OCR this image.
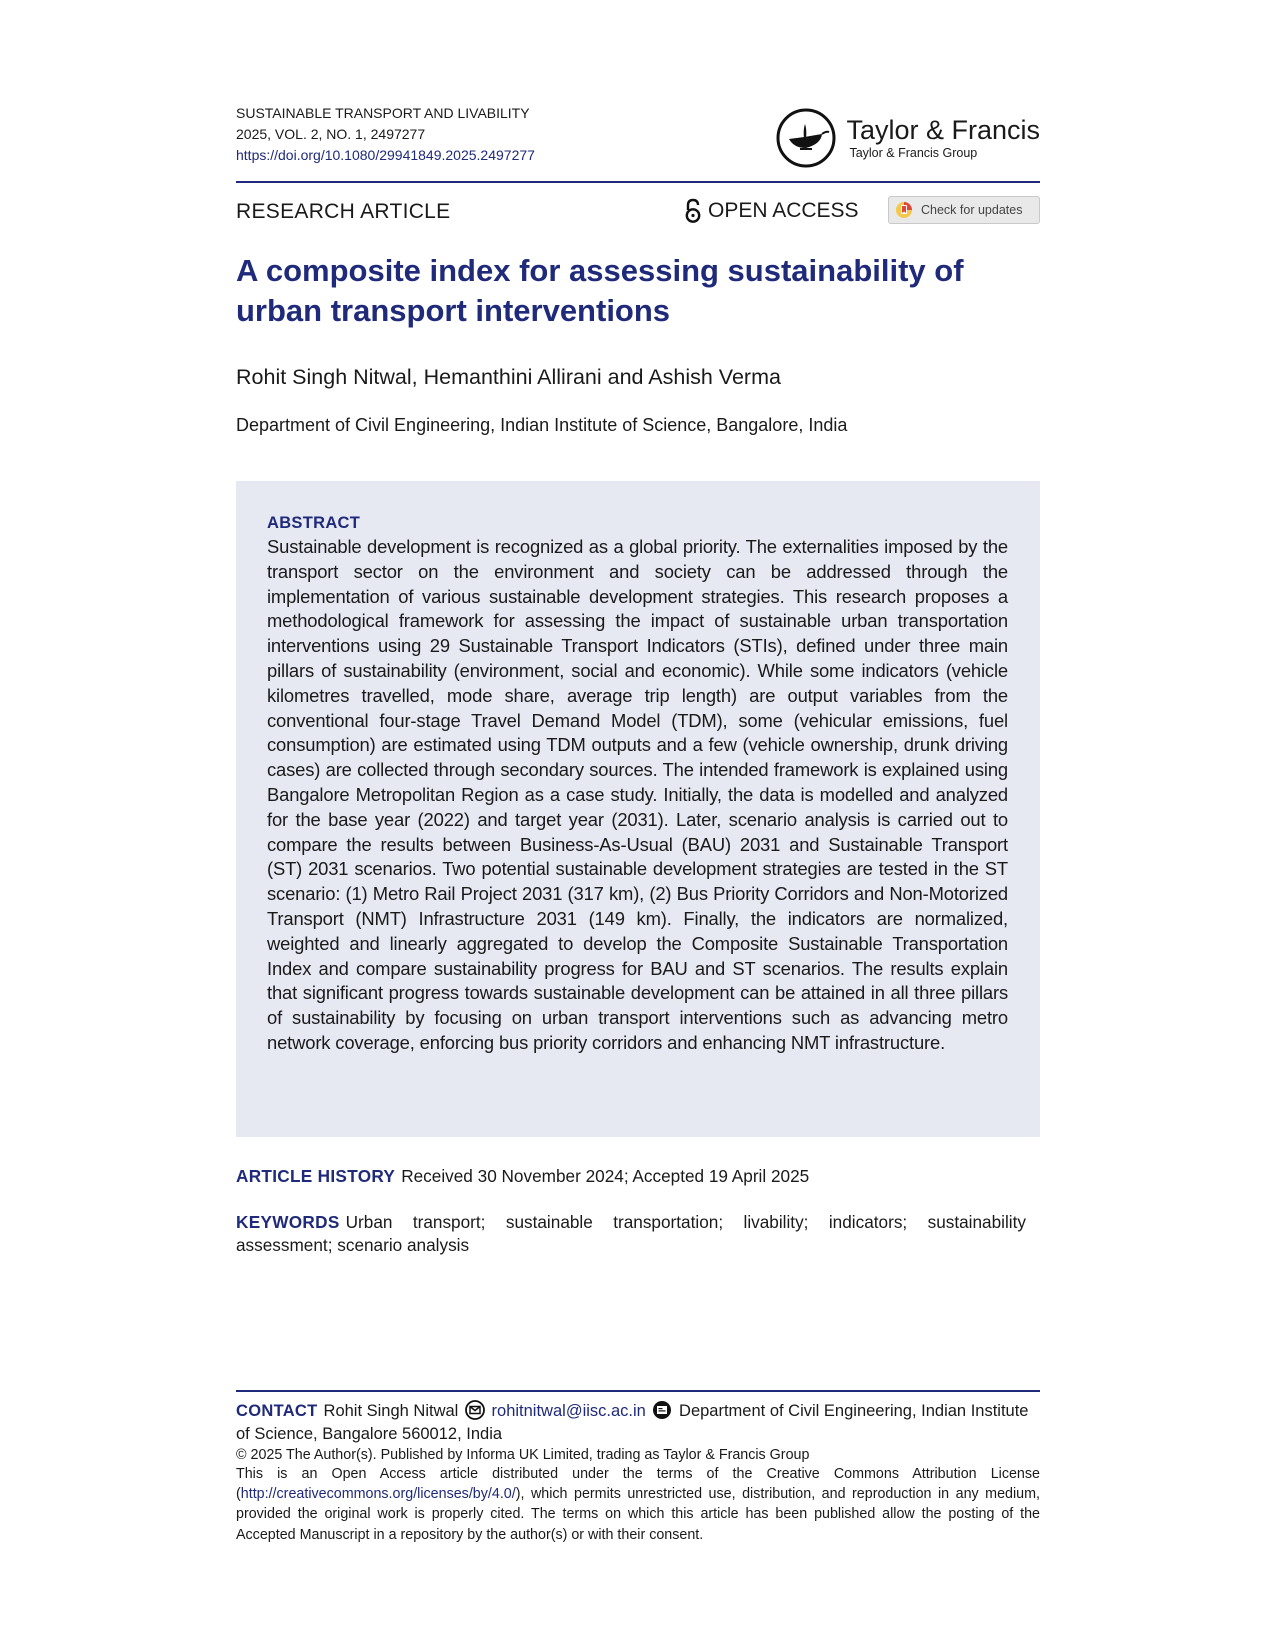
SUSTAINABLE TRANSPORT AND LIVABILITY
2025, VOL. 2, NO. 1, 2497277
https://doi.org/10.1080/29941849.2025.2497277
Taylor & Francis
Taylor & Francis Group
RESEARCH ARTICLE	OPEN ACCESS	Check for updates
A composite index for assessing sustainability of urban transport interventions
Rohit Singh Nitwal, Hemanthini Allirani and Ashish Verma
Department of Civil Engineering, Indian Institute of Science, Bangalore, India
ABSTRACT
Sustainable development is recognized as a global priority. The externalities imposed by the transport sector on the environment and society can be addressed through the implementation of various sustainable development strategies. This research proposes a methodological framework for assessing the impact of sustainable urban transportation interventions using 29 Sustainable Transport Indicators (STIs), defined under three main pillars of sustainability (environment, social and economic). While some indicators (vehicle kilometres travelled, mode share, average trip length) are output variables from the conventional four-stage Travel Demand Model (TDM), some (vehicular emissions, fuel consumption) are estimated using TDM outputs and a few (vehicle ownership, drunk driving cases) are collected through secondary sources. The intended framework is explained using Bangalore Metropolitan Region as a case study. Initially, the data is modelled and analyzed for the base year (2022) and target year (2031). Later, scenario analysis is carried out to compare the results between Business-As-Usual (BAU) 2031 and Sustainable Transport (ST) 2031 scenarios. Two potential sustainable development strategies are tested in the ST scenario: (1) Metro Rail Project 2031 (317 km), (2) Bus Priority Corridors and Non-Motorized Transport (NMT) Infrastructure 2031 (149 km). Finally, the indicators are normalized, weighted and linearly aggregated to develop the Composite Sustainable Transportation Index and compare sustainability progress for BAU and ST scenarios. The results explain that significant progress towards sustainable development can be attained in all three pillars of sustainability by focusing on urban transport interventions such as advancing metro network coverage, enforcing bus priority corridors and enhancing NMT infrastructure.
ARTICLE HISTORY Received 30 November 2024; Accepted 19 April 2025
KEYWORDS Urban transport; sustainable transportation; livability; indicators; sustainability assessment; scenario analysis
CONTACT Rohit Singh Nitwal rohitnitwal@iisc.ac.in Department of Civil Engineering, Indian Institute of Science, Bangalore 560012, India
© 2025 The Author(s). Published by Informa UK Limited, trading as Taylor & Francis Group
This is an Open Access article distributed under the terms of the Creative Commons Attribution License (http://creativecommons.org/licenses/by/4.0/), which permits unrestricted use, distribution, and reproduction in any medium, provided the original work is properly cited. The terms on which this article has been published allow the posting of the Accepted Manuscript in a repository by the author(s) or with their consent.
